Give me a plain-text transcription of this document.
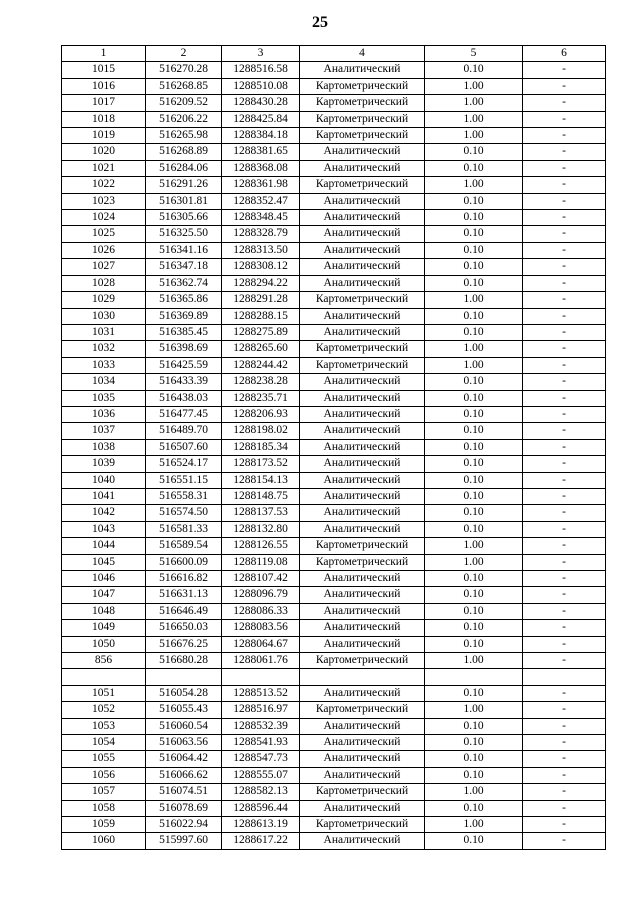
25
1	2	3	4	5	6
1015	516270.28	1288516.58	Аналитический	0.10	-
1016	516268.85	1288510.08	Картометрический	1.00	-
1017	516209.52	1288430.28	Картометрический	1.00	-
1018	516206.22	1288425.84	Картометрический	1.00	-
1019	516265.98	1288384.18	Картометрический	1.00	-
1020	516268.89	1288381.65	Аналитический	0.10	-
1021	516284.06	1288368.08	Аналитический	0.10	-
1022	516291.26	1288361.98	Картометрический	1.00	-
1023	516301.81	1288352.47	Аналитический	0.10	-
1024	516305.66	1288348.45	Аналитический	0.10	-
1025	516325.50	1288328.79	Аналитический	0.10	-
1026	516341.16	1288313.50	Аналитический	0.10	-
1027	516347.18	1288308.12	Аналитический	0.10	-
1028	516362.74	1288294.22	Аналитический	0.10	-
1029	516365.86	1288291.28	Картометрический	1.00	-
1030	516369.89	1288288.15	Аналитический	0.10	-
1031	516385.45	1288275.89	Аналитический	0.10	-
1032	516398.69	1288265.60	Картометрический	1.00	-
1033	516425.59	1288244.42	Картометрический	1.00	-
1034	516433.39	1288238.28	Аналитический	0.10	-
1035	516438.03	1288235.71	Аналитический	0.10	-
1036	516477.45	1288206.93	Аналитический	0.10	-
1037	516489.70	1288198.02	Аналитический	0.10	-
1038	516507.60	1288185.34	Аналитический	0.10	-
1039	516524.17	1288173.52	Аналитический	0.10	-
1040	516551.15	1288154.13	Аналитический	0.10	-
1041	516558.31	1288148.75	Аналитический	0.10	-
1042	516574.50	1288137.53	Аналитический	0.10	-
1043	516581.33	1288132.80	Аналитический	0.10	-
1044	516589.54	1288126.55	Картометрический	1.00	-
1045	516600.09	1288119.08	Картометрический	1.00	-
1046	516616.82	1288107.42	Аналитический	0.10	-
1047	516631.13	1288096.79	Аналитический	0.10	-
1048	516646.49	1288086.33	Аналитический	0.10	-
1049	516650.03	1288083.56	Аналитический	0.10	-
1050	516676.25	1288064.67	Аналитический	0.10	-
856	516680.28	1288061.76	Картометрический	1.00	-

1051	516054.28	1288513.52	Аналитический	0.10	-
1052	516055.43	1288516.97	Картометрический	1.00	-
1053	516060.54	1288532.39	Аналитический	0.10	-
1054	516063.56	1288541.93	Аналитический	0.10	-
1055	516064.42	1288547.73	Аналитический	0.10	-
1056	516066.62	1288555.07	Аналитический	0.10	-
1057	516074.51	1288582.13	Картометрический	1.00	-
1058	516078.69	1288596.44	Аналитический	0.10	-
1059	516022.94	1288613.19	Картометрический	1.00	-
1060	515997.60	1288617.22	Аналитический	0.10	-
